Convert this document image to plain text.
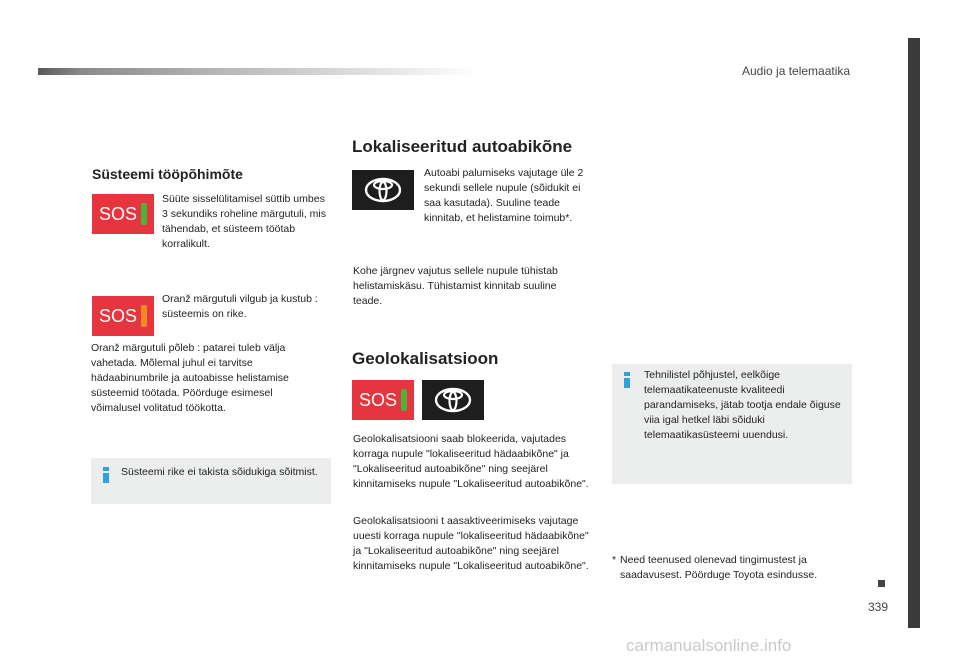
Audio ja telemaatika
339
Süsteemi tööpõhimõte
SOS

Süüte sisselülitamisel süttib umbes 3 sekundiks roheline märgutuli, mis tähendab, et süsteem töötab korralikult.

SOS

Oranž märgutuli vilgub ja kustub : süsteemis on rike.

Oranž märgutuli põleb : patarei tuleb välja vahetada. Mõlemal juhul ei tarvitse hädaabinumbrile ja autoabisse helistamise süsteemid töötada. Pöörduge esimesel võimalusel volitatud töökotta.

Süsteemi rike ei takista sõidukiga sõitmist.

Lokaliseeritud autoabikõne

Autoabi palumiseks vajutage üle 2 sekundi sellele nupule (sõidukit ei saa kasutada). Suuline teade kinnitab, et helistamine toimub*.

Kohe järgnev vajutus sellele nupule tühistab helistamiskäsu. Tühistamist kinnitab suuline teade.

Geolokalisatsioon
SOS

Geolokalisatsiooni saab blokeerida, vajutades korraga nupule "lokaliseeritud hädaabikõne" ja "Lokaliseeritud autoabikõne" ning seejärel kinnitamiseks nupule "Lokaliseeritud autoabikõne".

Geolokalisatsiooni t aasaktiveerimiseks vajutage uuesti korraga nupule "lokaliseeritud hädaabikõne" ja "Lokaliseeritud autoabikõne" ning seejärel kinnitamiseks nupule "Lokaliseeritud autoabikõne".

Tehnilistel põhjustel, eelkõige telemaatikateenuste kvaliteedi parandamiseks, jätab tootja endale õiguse viia igal hetkel läbi sõiduki telemaatikasüsteemi uuendusi.

* Need teenused olenevad tingimustest ja saadavusest. Pöörduge Toyota esindusse.

carmanualsonline.info
